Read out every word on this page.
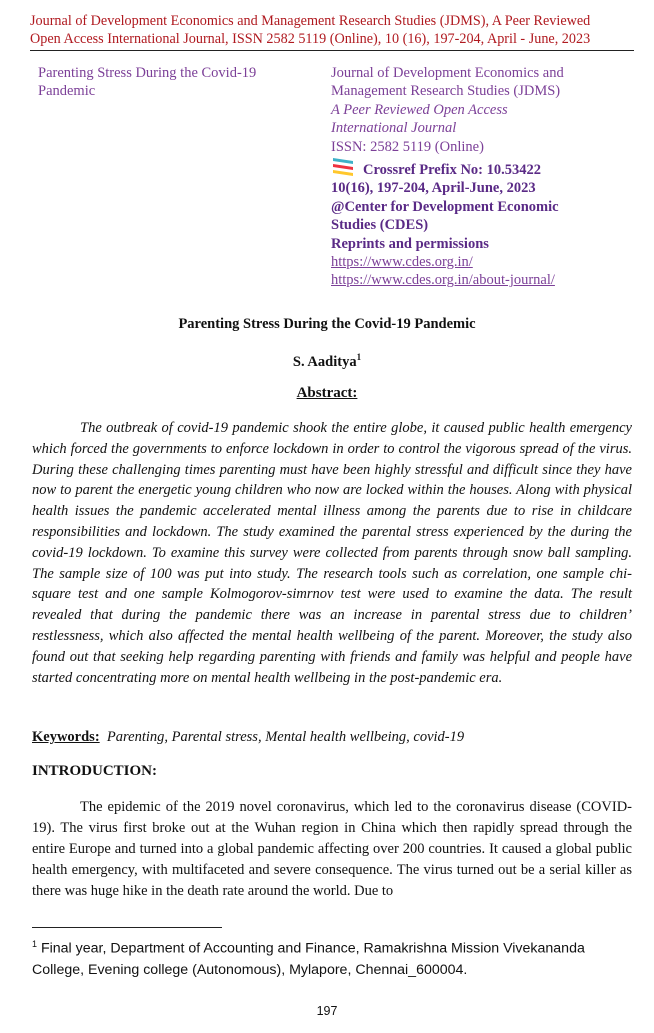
Journal of Development Economics and Management Research Studies (JDMS), A Peer Reviewed
Open Access International Journal, ISSN 2582 5119 (Online), 10 (16), 197-204, April - June, 2023
Parenting Stress During the Covid-19
Pandemic
Journal of Development Economics and
Management Research Studies (JDMS)
A Peer Reviewed Open Access
International Journal
ISSN: 2582 5119 (Online)
Crossref Prefix No: 10.53422
10(16), 197-204, April-June, 2023
@Center for Development Economic
Studies (CDES)
Reprints and permissions
https://www.cdes.org.in/
https://www.cdes.org.in/about-journal/
Parenting Stress During the Covid-19 Pandemic
S. Aaditya$^1$
Abstract:

The outbreak of covid-19 pandemic shook the entire globe, it caused public health emergency which forced the governments to enforce lockdown in order to control the vigorous spread of the virus. During these challenging times parenting must have been highly stressful and difficult since they have now to parent the energetic young children who now are locked within the houses. Along with physical health issues the pandemic accelerated mental illness among the parents due to rise in childcare responsibilities and lockdown. The study examined the parental stress experienced by the during the covid-19 lockdown. To examine this survey were collected from parents through snow ball sampling. The sample size of 100 was put into study. The research tools such as correlation, one sample chi-square test and one sample Kolmogorov-simrnov test were used to examine the data. The result revealed that during the pandemic there was an increase in parental stress due to children’ restlessness, which also affected the mental health wellbeing of the parent. Moreover, the study also found out that seeking help regarding parenting with friends and family was helpful and people have started concentrating more on mental health wellbeing in the post-pandemic era.

Keywords: Parenting, Parental stress, Mental health wellbeing, covid-19
INTRODUCTION:

The epidemic of the 2019 novel coronavirus, which led to the coronavirus disease (COVID-19). The virus first broke out at the Wuhan region in China which then rapidly spread through the entire Europe and turned into a global pandemic affecting over 200 countries. It caused a global public health emergency, with multifaceted and severe consequence. The virus turned out be a serial killer as there was huge hike in the death rate around the world. Due to

$^1$ Final year, Department of Accounting and Finance, Ramakrishna Mission Vivekananda College, Evening college (Autonomous), Mylapore, Chennai_600004.
197
